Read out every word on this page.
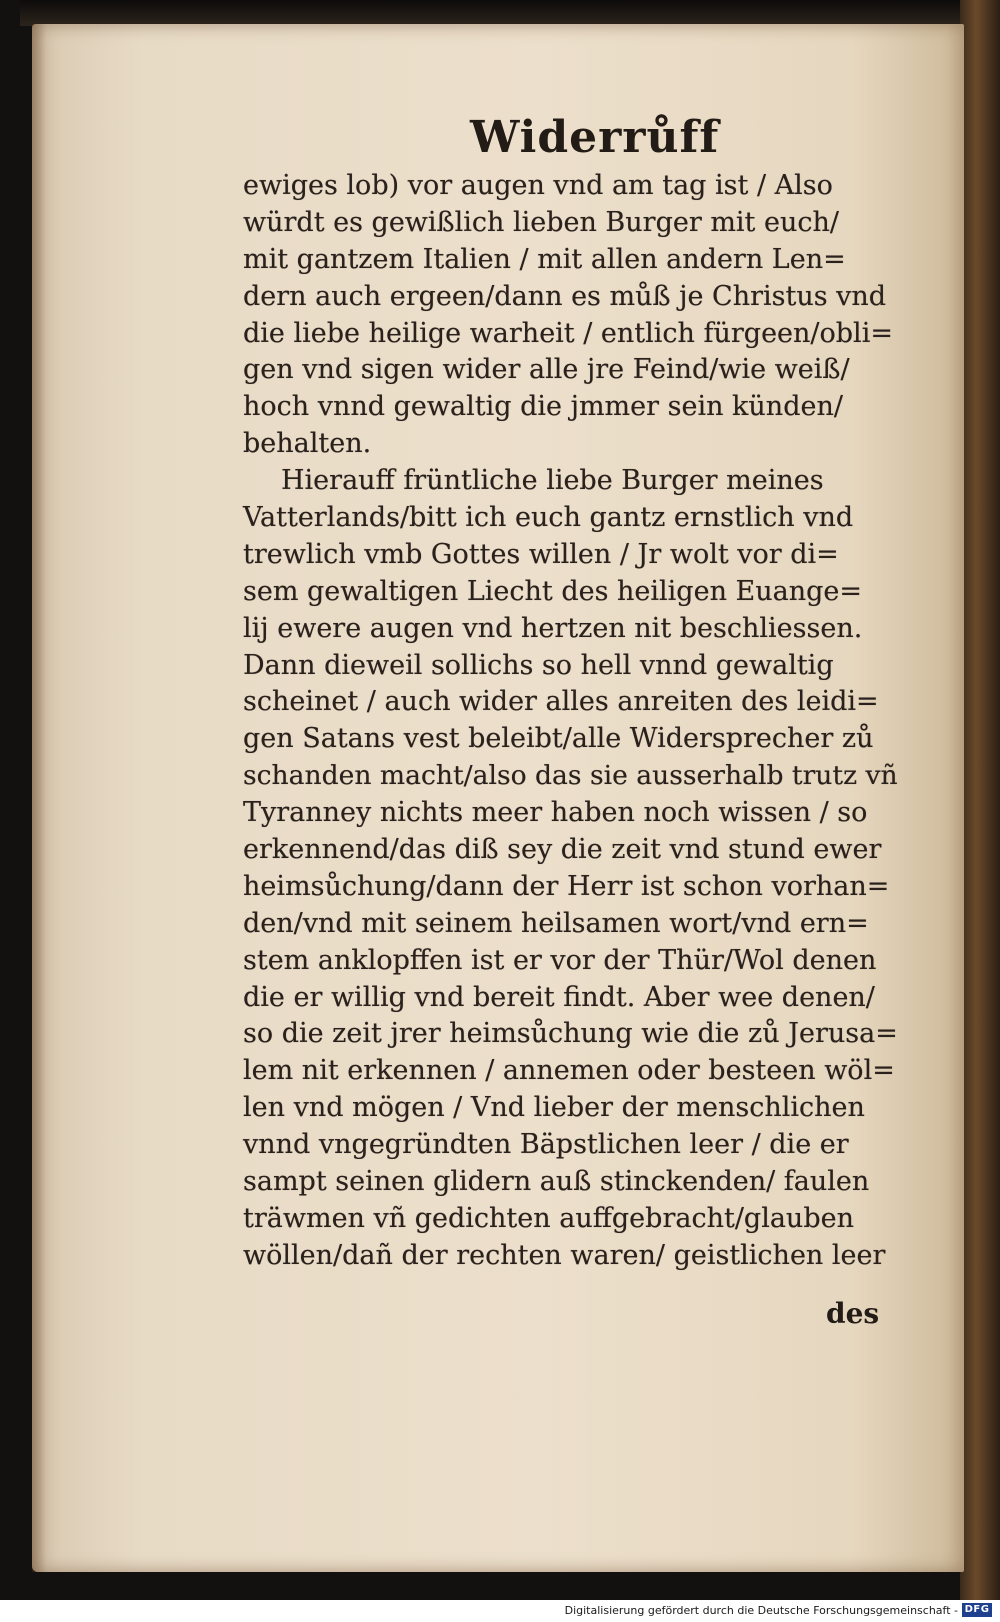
Widerrůff
ewiges lob) vor augen vnd am tag ist / Also
würdt es gewißlich lieben Burger mit euch/
mit gantzem Italien / mit allen andern Len=
dern auch ergeen/dann es můß je Christus vnd
die liebe heilige warheit / entlich fürgeen/obli=
gen vnd sigen wider alle jre Feind/wie weiß/
hoch vnnd gewaltig die jmmer sein künden/
behalten.
Hierauff früntliche liebe Burger meines
Vatterlands/bitt ich euch gantz ernstlich vnd
trewlich vmb Gottes willen / Jr wolt vor di=
sem gewaltigen Liecht des heiligen Euange=
lij ewere augen vnd hertzen nit beschliessen.
Dann dieweil sollichs so hell vnnd gewaltig
scheinet / auch wider alles anreiten des leidi=
gen Satans vest beleibt/alle Widersprecher zů
schanden macht/also das sie ausserhalb trutz vñ
Tyranney nichts meer haben noch wissen / so
erkennend/das diß sey die zeit vnd stund ewer
heimsůchung/dann der Herr ist schon vorhan=
den/vnd mit seinem heilsamen wort/vnd ern=
stem anklopffen ist er vor der Thür/Wol denen
die er willig vnd bereit findt. Aber wee denen/
so die zeit jrer heimsůchung wie die zů Jerusa=
lem nit erkennen / annemen oder besteen wöl=
len vnd mögen / Vnd lieber der menschlichen
vnnd vngegründten Bäpstlichen leer / die er
sampt seinen glidern auß stinckenden/ faulen
träwmen vñ gedichten auffgebracht/glauben
wöllen/dañ der rechten waren/ geistlichen leer
des
Digitalisierung gefördert durch die Deutsche Forschungsgemeinschaft - DFG
